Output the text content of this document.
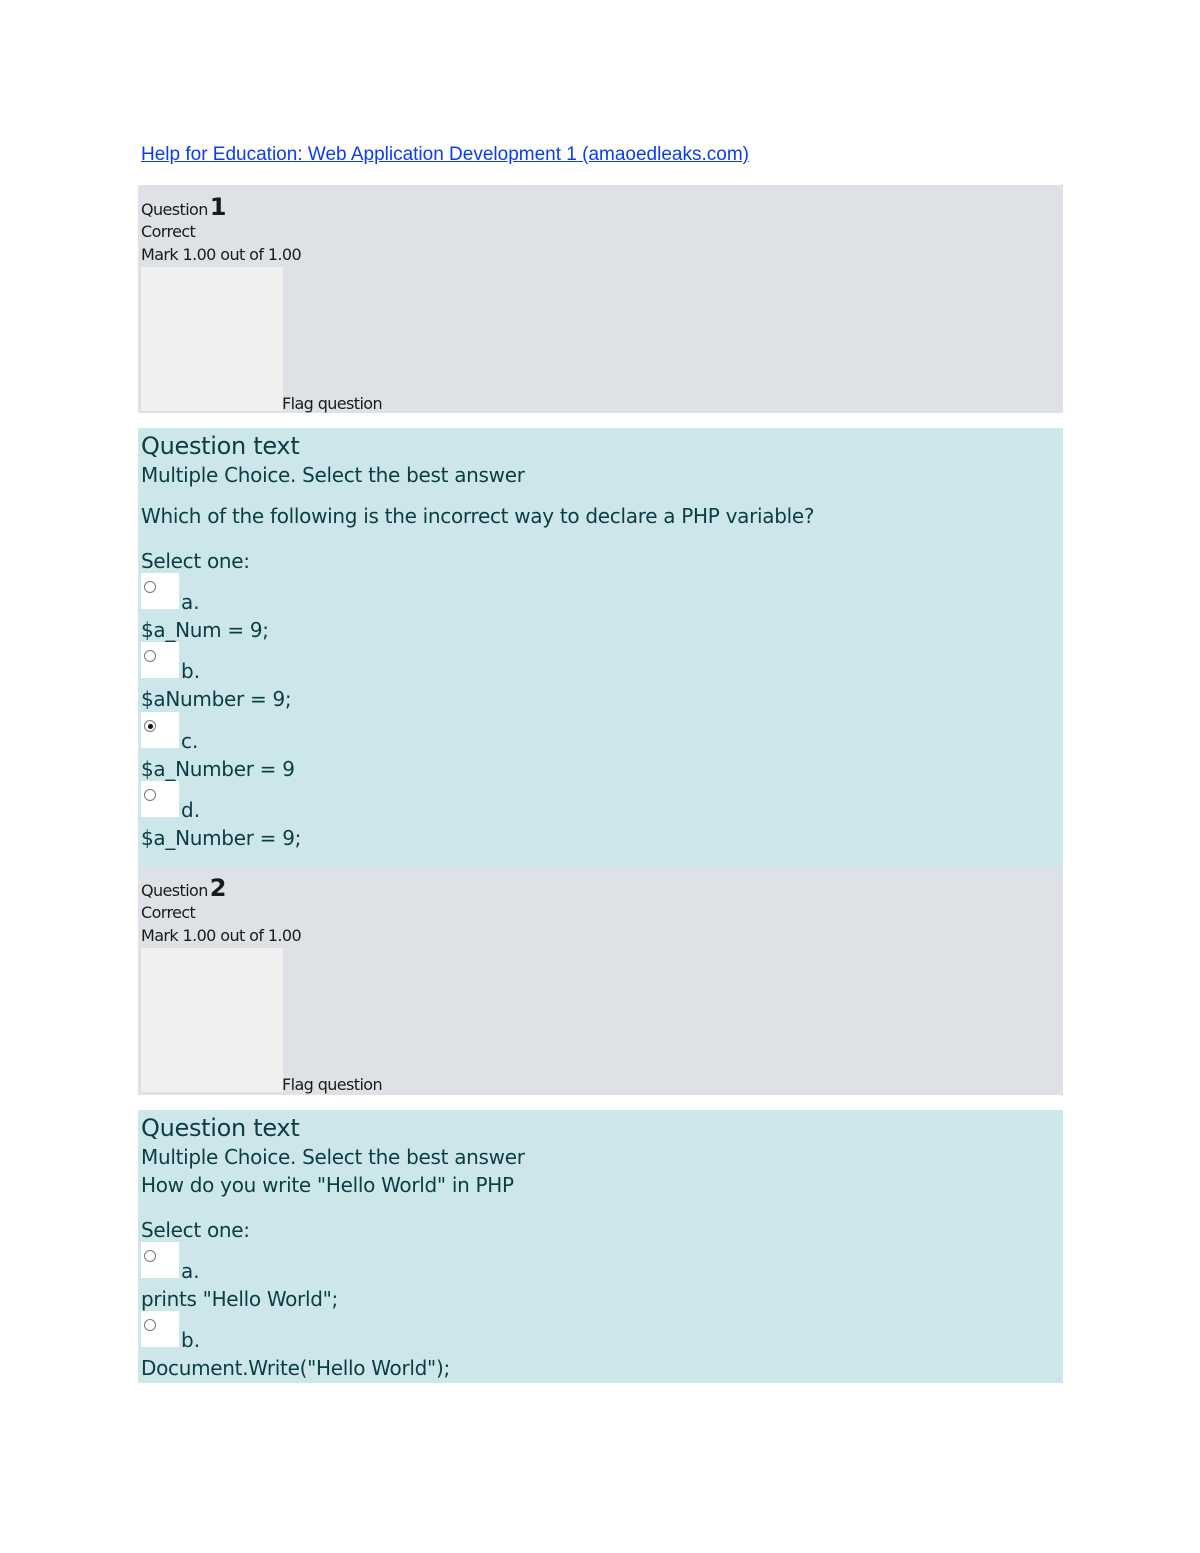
Help for Education: Web Application Development 1 (amaoedleaks.com)
Question1
Correct
Mark 1.00 out of 1.00
Flag question
Question text
Multiple Choice. Select the best answer
Which of the following is the incorrect way to declare a PHP variable?
Select one:
a.
$a_Num = 9;
b.
$aNumber = 9;
c.
$a_Number = 9
d.
$a_Number = 9;
Question2
Correct
Mark 1.00 out of 1.00
Flag question
Question text
Multiple Choice. Select the best answer
How do you write "Hello World" in PHP
Select one:
a.
prints "Hello World";
b.
Document.Write("Hello World");
